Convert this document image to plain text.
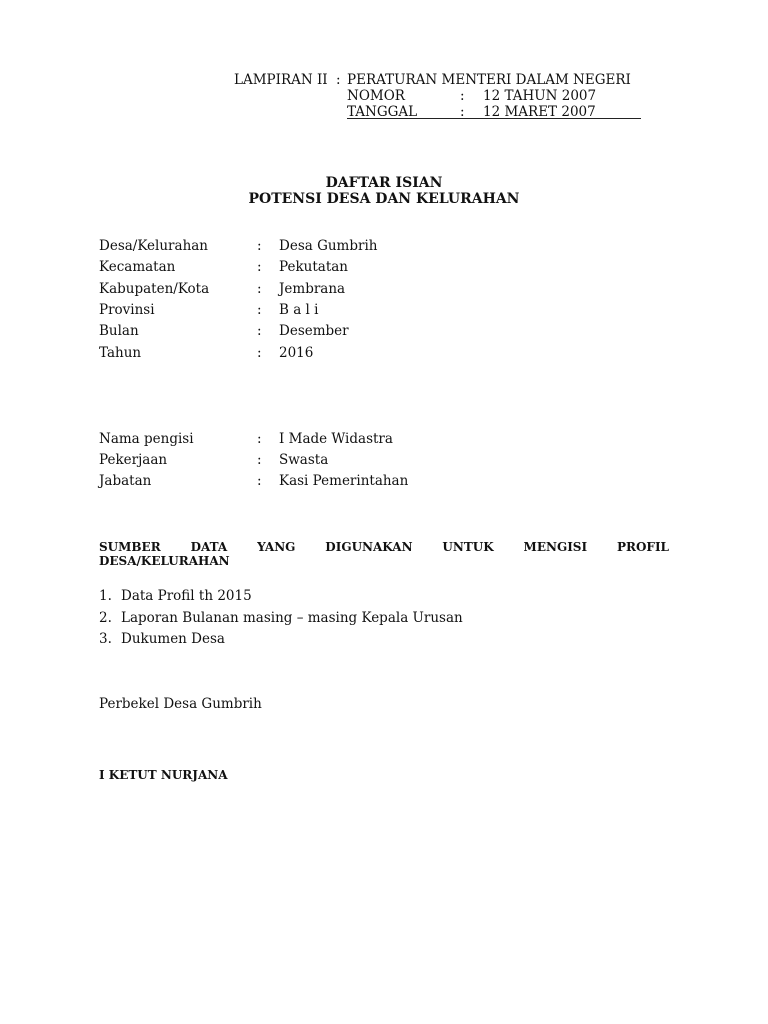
LAMPIRAN II : PERATURAN MENTERI DALAM NEGERI
NOMOR	: 12 TAHUN 2007
TANGGAL	: 12 MARET 2007
DAFTAR ISIAN
POTENSI DESA DAN KELURAHAN
Desa/Kelurahan	: Desa Gumbrih
Kecamatan	: Pekutatan
Kabupaten/Kota	: Jembrana
Provinsi	: B a l i
Bulan	: Desember
Tahun	: 2016
Nama pengisi	: I Made Widastra
Pekerjaan	: Swasta
Jabatan	: Kasi Pemerintahan
SUMBER DATA YANG DIGUNAKAN UNTUK MENGISI PROFIL
DESA/KELURAHAN
1. Data Profil th 2015
2. Laporan Bulanan masing – masing Kepala Urusan
3. Dukumen Desa
Perbekel Desa Gumbrih
I KETUT NURJANA
